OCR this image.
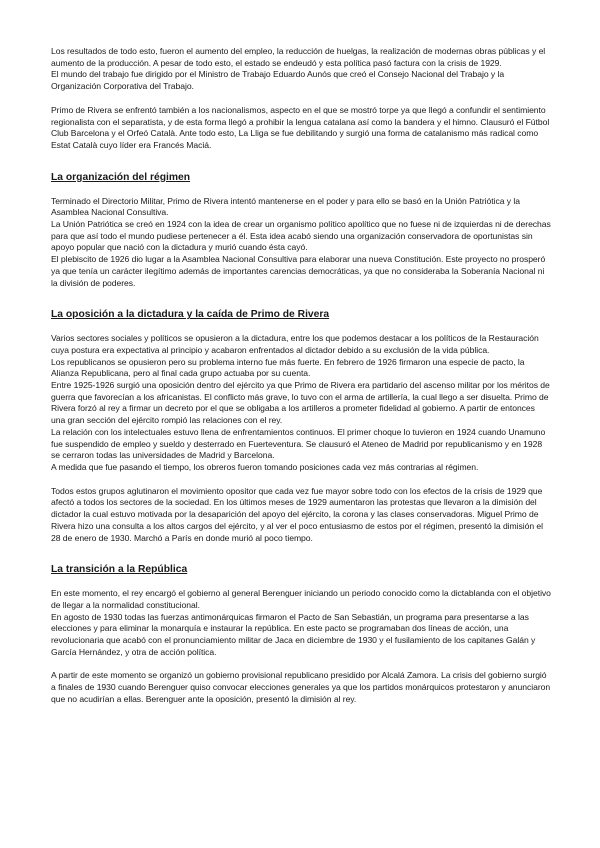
Los resultados de todo esto, fueron el aumento del empleo, la reducción de huelgas, la realización de modernas obras públicas y el aumento de la producción. A pesar de todo esto, el estado se endeudó y esta política pasó factura con la crisis de 1929.

El mundo del trabajo fue dirigido por el Ministro de Trabajo Eduardo Aunós que creó el Consejo Nacional del Trabajo y la Organización Corporativa del Trabajo.

Primo de Rivera se enfrentó también a los nacionalismos, aspecto en el que se mostró torpe ya que llegó a confundir el sentimiento regionalista con el separatista, y de esta forma llegó a prohibir la lengua catalana así como la bandera y el himno. Clausuró el Fútbol Club Barcelona y el Orfeó Català. Ante todo esto, La Lliga se fue debilitando y surgió una forma de catalanismo más radical como Estat Català cuyo líder era Francés Maciá.

La organización del régimen

Terminado el Directorio Militar, Primo de Rivera intentó mantenerse en el poder y para ello se basó en la Unión Patriótica y la Asamblea Nacional Consultiva.

La Unión Patriótica se creó en 1924 con la idea de crear un organismo político apolítico que no fuese ni de izquierdas ni de derechas para que así todo el mundo pudiese pertenecer a él. Esta idea acabó siendo una organización conservadora de oportunistas sin apoyo popular que nació con la dictadura y murió cuando ésta cayó.

El plebiscito de 1926 dio lugar a la Asamblea Nacional Consultiva para elaborar una nueva Constitución. Este proyecto no prosperó ya que tenía un carácter ilegítimo además de importantes carencias democráticas, ya que no consideraba la Soberanía Nacional ni la división de poderes.

La oposición a la dictadura y la caída de Primo de Rivera

Varios sectores sociales y políticos se opusieron a la dictadura, entre los que podemos destacar a los políticos de la Restauración cuya postura era expectativa al principio y acabaron enfrentados al dictador debido a su exclusión de la vida pública.

Los republicanos se opusieron pero su problema interno fue más fuerte. En febrero de 1926 firmaron una especie de pacto, la Alianza Republicana, pero al final cada grupo actuaba por su cuenta.

Entre 1925-1926 surgió una oposición dentro del ejército ya que Primo de Rivera era partidario del ascenso militar por los méritos de guerra que favorecían a los africanistas. El conflicto más grave, lo tuvo con el arma de artillería, la cual llego a ser disuelta. Primo de Rivera forzó al rey a firmar un decreto por el que se obligaba a los artilleros a prometer fidelidad al gobierno. A partir de entonces una gran sección del ejército rompió las relaciones con el rey.

La relación con los intelectuales estuvo llena de enfrentamientos continuos. El primer choque lo tuvieron en 1924 cuando Unamuno fue suspendido de empleo y sueldo y desterrado en Fuerteventura. Se clausuró el Ateneo de Madrid por republicanismo y en 1928 se cerraron todas las universidades de Madrid y Barcelona.

A medida que fue pasando el tiempo, los obreros fueron tomando posiciones cada vez más contrarias al régimen.

Todos estos grupos aglutinaron el movimiento opositor que cada vez fue mayor sobre todo con los efectos de la crisis de 1929 que afectó a todos los sectores de la sociedad. En los últimos meses de 1929 aumentaron las protestas que llevaron a la dimisión del dictador la cual estuvo motivada por la desaparición del apoyo del ejército, la corona y las clases conservadoras. Miguel Primo de Rivera hizo una consulta a los altos cargos del ejército, y al ver el poco entusiasmo de estos por el régimen, presentó la dimisión el 28 de enero de 1930. Marchó a París en donde murió al poco tiempo.

La transición a la República

En este momento, el rey encargó el gobierno al general Berenguer iniciando un periodo conocido como la dictablanda con el objetivo de llegar a la normalidad constitucional.

En agosto de 1930 todas las fuerzas antimonárquicas firmaron el Pacto de San Sebastián, un programa para presentarse a las elecciones y para eliminar la monarquía e instaurar la república. En este pacto se programaban dos líneas de acción, una revolucionaria que acabó con el pronunciamiento militar de Jaca en diciembre de 1930 y el fusilamiento de los capitanes Galán y García Hernández, y otra de acción política.

A partir de este momento se organizó un gobierno provisional republicano presidido por Alcalá Zamora. La crisis del gobierno surgió a finales de 1930 cuando Berenguer quiso convocar elecciones generales ya que los partidos monárquicos protestaron y anunciaron que no acudirían a ellas. Berenguer ante la oposición, presentó la dimisión al rey.
